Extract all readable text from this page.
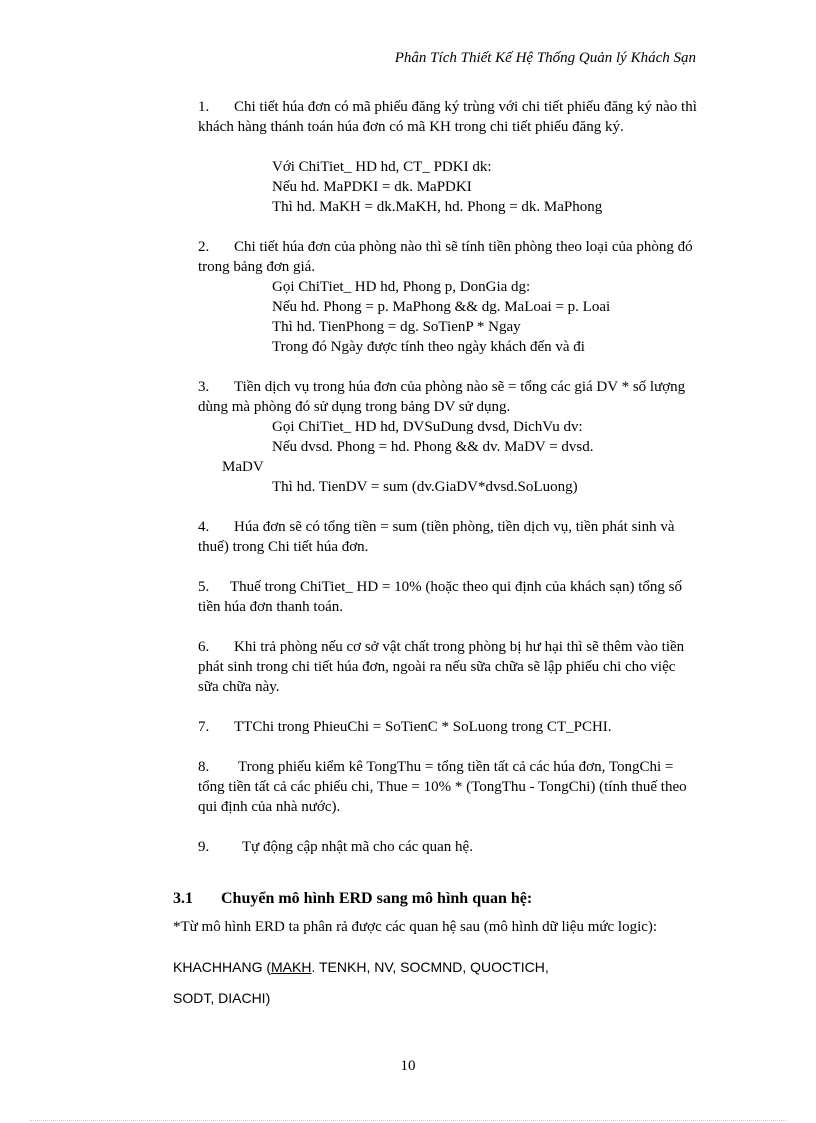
Phân Tích Thiết Kế Hệ Thống Quản lý Khách Sạn

1. Chi tiết húa đơn có mã phiếu đăng ký trùng với chi tiết phiếu đăng ký nào thì khách hàng thánh toán húa đơn có mã KH trong chi tiết phiếu đăng ký.

Với ChiTiet_ HD hd, CT_ PDKI dk:
Nếu hd. MaPDKI = dk. MaPDKI
Thì hd. MaKH = dk.MaKH, hd. Phong = dk. MaPhong

2. Chi tiết húa đơn của phòng nào thì sẽ tính tiền phòng theo loại của phòng đó trong bảng đơn giá.

Gọi ChiTiet_ HD hd, Phong p, DonGia dg:
Nếu hd. Phong = p. MaPhong && dg. MaLoai = p. Loai
Thì hd. TienPhong = dg. SoTienP * Ngay
Trong đó Ngày được tính theo ngày khách đến và đi

3. Tiền dịch vụ trong húa đơn của phòng nào sẽ = tổng các giá DV * số lượng dùng mà phòng đó sử dụng trong bảng DV sử dụng.

Gọi ChiTiet_ HD hd, DVSuDung dvsd, DichVu dv:
Nếu dvsd. Phong = hd. Phong && dv. MaDV = dvsd.
MaDV
Thì hd. TienDV = sum (dv.GiaDV*dvsd.SoLuong)

4. Húa đơn sẽ có tổng tiền = sum (tiền phòng, tiền dịch vụ, tiền phát sinh và thuế) trong Chi tiết húa đơn.

5. Thuế trong ChiTiet_ HD = 10% (hoặc theo qui định của khách sạn) tổng số tiền húa đơn thanh toán.

6. Khi trả phòng nếu cơ sở vật chất trong phòng bị hư hại thì sẽ thêm vào tiền phát sinh trong chi tiết húa đơn, ngoài ra nếu sữa chữa sẽ lập phiếu chi cho việc sữa chữa này.

7. TTChi trong PhieuChi = SoTienC * SoLuong trong CT_PCHI.

8. Trong phiếu kiểm kê TongThu = tổng tiền tất cả các húa đơn, TongChi = tổng tiền tất cả các phiếu chi, Thue = 10% * (TongThu - TongChi) (tính thuế theo qui định của nhà nước).

9. Tự động cập nhật mã cho các quan hệ.

3.1 Chuyển mô hình ERD sang mô hình quan hệ:

*Từ mô hình ERD ta phân rả được các quan hệ sau (mô hình dữ liệu mức logic):

KHACHHANG (MAKH. TENKH, NV, SOCMND, QUOCTICH,
SODT, DIACHI)
10
